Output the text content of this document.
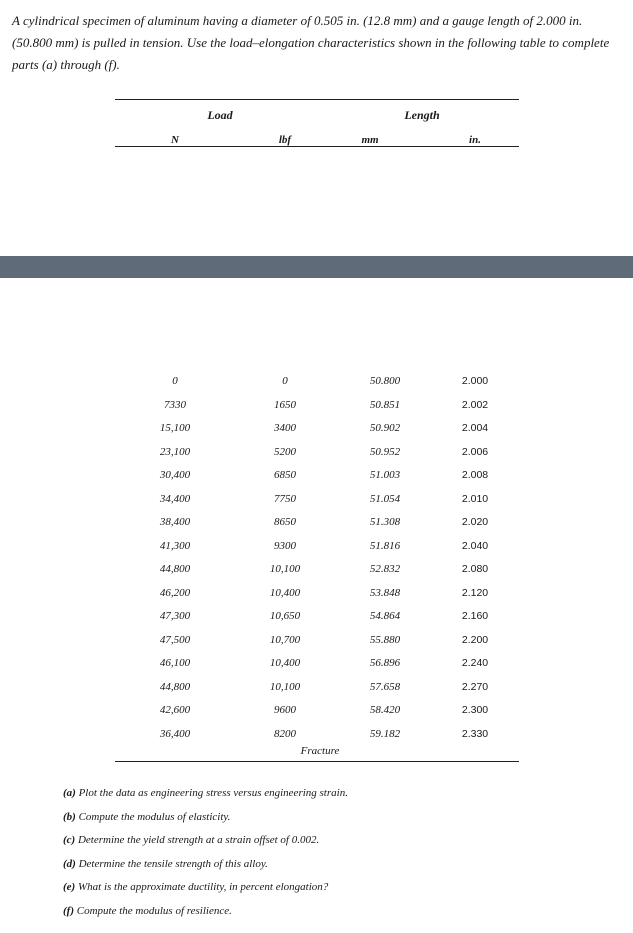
A cylindrical specimen of aluminum having a diameter of 0.505 in. (12.8 mm) and a gauge length of 2.000 in. (50.800 mm) is pulled in tension. Use the load–elongation characteristics shown in the following table to complete parts (a) through (f).

Load	Length
N	lbf	mm	in.
0	0	50.800	2.000
7330	1650	50.851	2.002
15,100	3400	50.902	2.004
23,100	5200	50.952	2.006
30,400	6850	51.003	2.008
34,400	7750	51.054	2.010
38,400	8650	51.308	2.020
41,300	9300	51.816	2.040
44,800	10,100	52.832	2.080
46,200	10,400	53.848	2.120
47,300	10,650	54.864	2.160
47,500	10,700	55.880	2.200
46,100	10,400	56.896	2.240
44,800	10,100	57.658	2.270
42,600	9600	58.420	2.300
36,400	8200	59.182	2.330
Fracture
(a) Plot the data as engineering stress versus engineering strain.
(b) Compute the modulus of elasticity.
(c) Determine the yield strength at a strain offset of 0.002.
(d) Determine the tensile strength of this alloy.
(e) What is the approximate ductility, in percent elongation?
(f) Compute the modulus of resilience.
